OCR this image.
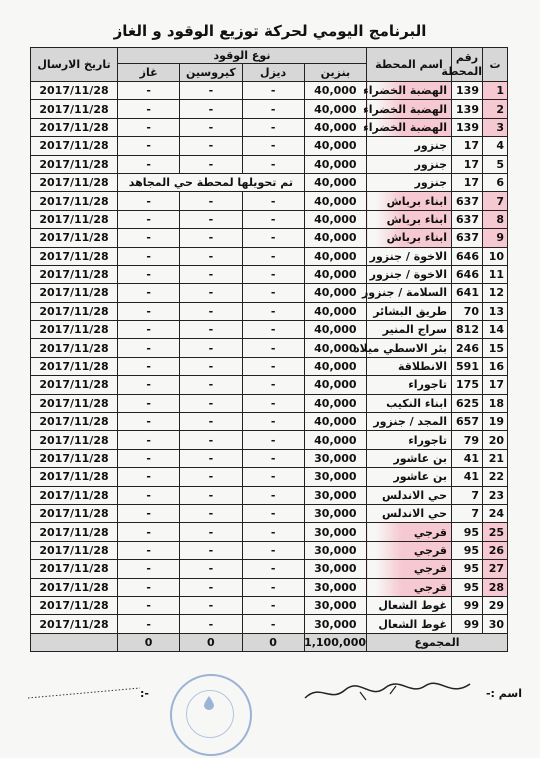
البرنامج اليومي لحركة توزيع الوقود و الغاز
ت	رقم المحطة	اسم المحطة	نوع الوقود				تاريخ الارسال
			بنزين	ديزل	كيروسين	غاز	
1	139	الهضبة الخضراء	40,000	-	-	-	2017/11/28
2	139	الهضبة الخضراء	40,000	-	-	-	2017/11/28
3	139	الهضبة الخضراء	40,000	-	-	-	2017/11/28
4	17	جنزور	40,000	-	-	-	2017/11/28
5	17	جنزور	40,000	-	-	-	2017/11/28
6	17	جنزور	40,000	تم تحويلها لمحطة حي المجاهد			2017/11/28
7	637	ابناء برباش	40,000	-	-	-	2017/11/28
8	637	ابناء برباش	40,000	-	-	-	2017/11/28
9	637	ابناء برباش	40,000	-	-	-	2017/11/28
10	646	الاخوة / جنزور	40,000	-	-	-	2017/11/28
11	646	الاخوة / جنزور	40,000	-	-	-	2017/11/28
12	641	السلامة / جنزور	40,000	-	-	-	2017/11/28
13	70	طريق البشائر	40,000	-	-	-	2017/11/28
14	812	سراج المنير	40,000	-	-	-	2017/11/28
15	246	بئر الاسطي ميلاد	40,000	-	-	-	2017/11/28
16	591	الانطلاقة	40,000	-	-	-	2017/11/28
17	175	تاجوراء	40,000	-	-	-	2017/11/28
18	625	ابناء النكيب	40,000	-	-	-	2017/11/28
19	657	المجد / جنزور	40,000	-	-	-	2017/11/28
20	79	تاجوراء	40,000	-	-	-	2017/11/28
21	41	بن عاشور	30,000	-	-	-	2017/11/28
22	41	بن عاشور	30,000	-	-	-	2017/11/28
23	7	حي الاندلس	30,000	-	-	-	2017/11/28
24	7	حي الاندلس	30,000	-	-	-	2017/11/28
25	95	قرجي	30,000	-	-	-	2017/11/28
26	95	قرجي	30,000	-	-	-	2017/11/28
27	95	قرجي	30,000	-	-	-	2017/11/28
28	95	قرجي	30,000	-	-	-	2017/11/28
29	99	غوط الشعال	30,000	-	-	-	2017/11/28
30	99	غوط الشعال	30,000	-	-	-	2017/11/28
المجموع			1,100,000	0	0	0	
اسم :-
:-
